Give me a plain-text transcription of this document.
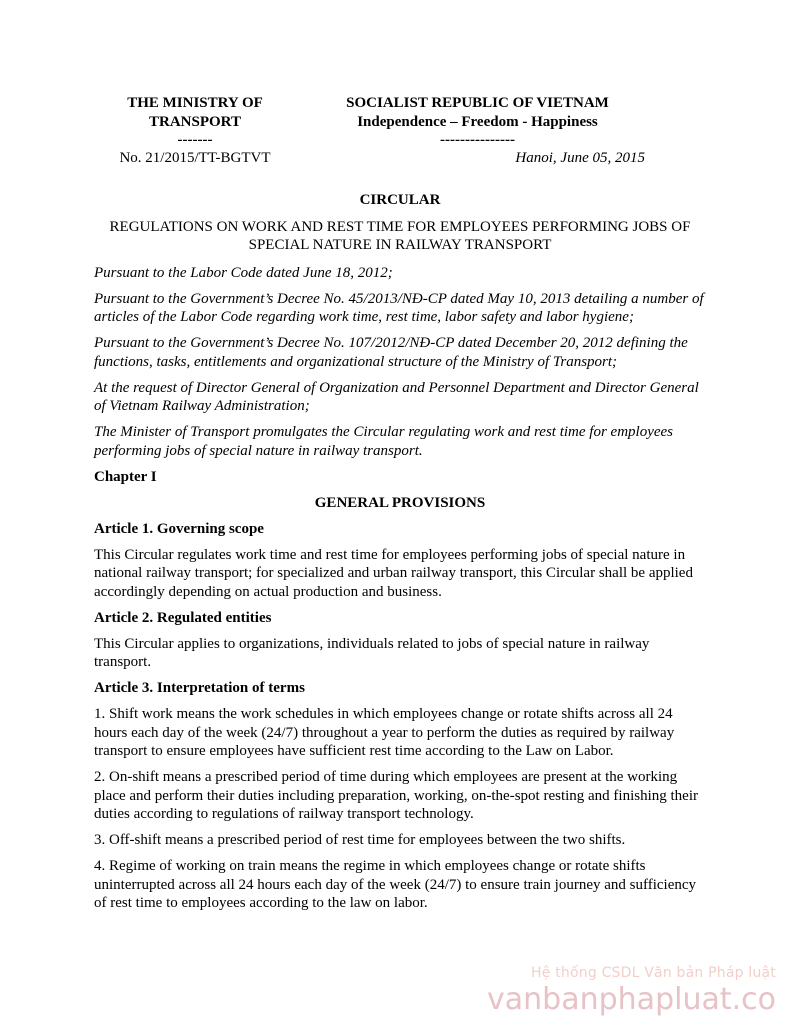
THE MINISTRY OF
TRANSPORT
-------
SOCIALIST REPUBLIC OF VIETNAM
Independence – Freedom - Happiness
---------------
No. 21/2015/TT-BGTVT	Hanoi, June 05, 2015

CIRCULAR

REGULATIONS ON WORK AND REST TIME FOR EMPLOYEES PERFORMING JOBS OF SPECIAL NATURE IN RAILWAY TRANSPORT

Pursuant to the Labor Code dated June 18, 2012;

Pursuant to the Government’s Decree No. 45/2013/NĐ-CP dated May 10, 2013 detailing a number of articles of the Labor Code regarding work time, rest time, labor safety and labor hygiene;

Pursuant to the Government’s Decree No. 107/2012/NĐ-CP dated December 20, 2012 defining the functions, tasks, entitlements and organizational structure of the Ministry of Transport;

At the request of Director General of Organization and Personnel Department and Director General of Vietnam Railway Administration;

The Minister of Transport promulgates the Circular regulating work and rest time for employees performing jobs of special nature in railway transport.

Chapter I

GENERAL PROVISIONS

Article 1. Governing scope

This Circular regulates work time and rest time for employees performing jobs of special nature in national railway transport; for specialized and urban railway transport, this Circular shall be applied accordingly depending on actual production and business.

Article 2. Regulated entities

This Circular applies to organizations, individuals related to jobs of special nature in railway transport.

Article 3. Interpretation of terms

1. Shift work means the work schedules in which employees change or rotate shifts across all 24 hours each day of the week (24/7) throughout a year to perform the duties as required by railway transport to ensure employees have sufficient rest time according to the Law on Labor.

2. On-shift means a prescribed period of time during which employees are present at the working place and perform their duties including preparation, working, on-the-spot resting and finishing their duties according to regulations of railway transport technology.

3. Off-shift means a prescribed period of rest time for employees between the two shifts.

4. Regime of working on train means the regime in which employees change or rotate shifts uninterrupted across all 24 hours each day of the week (24/7) to ensure train journey and sufficiency of rest time to employees according to the law on labor.

Hệ thống CSDL Văn bản Pháp luật
vanbanphapluat.co
